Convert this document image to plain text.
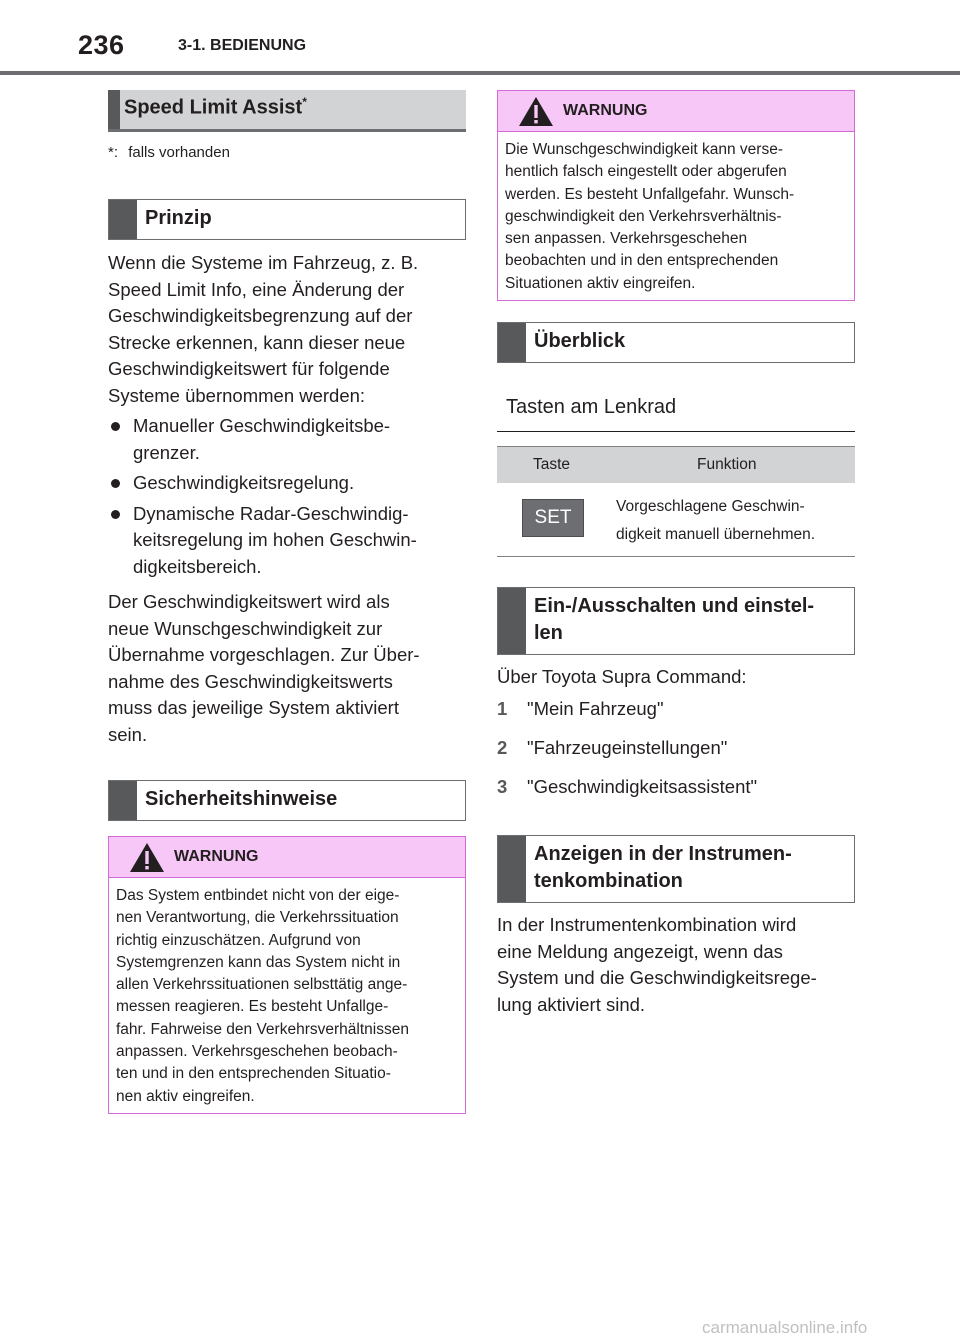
236	3-1. BEDIENUNG
Speed Limit Assist*
*: falls vorhanden
Prinzip
Wenn die Systeme im Fahrzeug, z. B.
Speed Limit Info, eine Änderung der
Geschwindigkeitsbegrenzung auf der
Strecke erkennen, kann dieser neue
Geschwindigkeitswert für folgende
Systeme übernommen werden:
Manueller Geschwindigkeitsbe-
grenzer.
Geschwindigkeitsregelung.
Dynamische Radar-Geschwindig-
keitsregelung im hohen Geschwin-
digkeitsbereich.
Der Geschwindigkeitswert wird als
neue Wunschgeschwindigkeit zur
Übernahme vorgeschlagen. Zur Über-
nahme des Geschwindigkeitswerts
muss das jeweilige System aktiviert
sein.
Sicherheitshinweise
WARNUNG
Das System entbindet nicht von der eige-
nen Verantwortung, die Verkehrssituation
richtig einzuschätzen. Aufgrund von
Systemgrenzen kann das System nicht in
allen Verkehrssituationen selbsttätig ange-
messen reagieren. Es besteht Unfallge-
fahr. Fahrweise den Verkehrsverhältnissen
anpassen. Verkehrsgeschehen beobach-
ten und in den entsprechenden Situatio-
nen aktiv eingreifen.
WARNUNG
Die Wunschgeschwindigkeit kann verse-
hentlich falsch eingestellt oder abgerufen
werden. Es besteht Unfallgefahr. Wunsch-
geschwindigkeit den Verkehrsverhältnis-
sen anpassen. Verkehrsgeschehen
beobachten und in den entsprechenden
Situationen aktiv eingreifen.
Überblick
Tasten am Lenkrad
Taste	Funktion
SET
Vorgeschlagene Geschwin-
digkeit manuell übernehmen.
Ein-/Ausschalten und einstel-
len
Über Toyota Supra Command:
1 "Mein Fahrzeug"
2 "Fahrzeugeinstellungen"
3 "Geschwindigkeitsassistent"
Anzeigen in der Instrumen-
tenkombination
In der Instrumentenkombination wird
eine Meldung angezeigt, wenn das
System und die Geschwindigkeitsrege-
lung aktiviert sind.
carmanualsonline.info
